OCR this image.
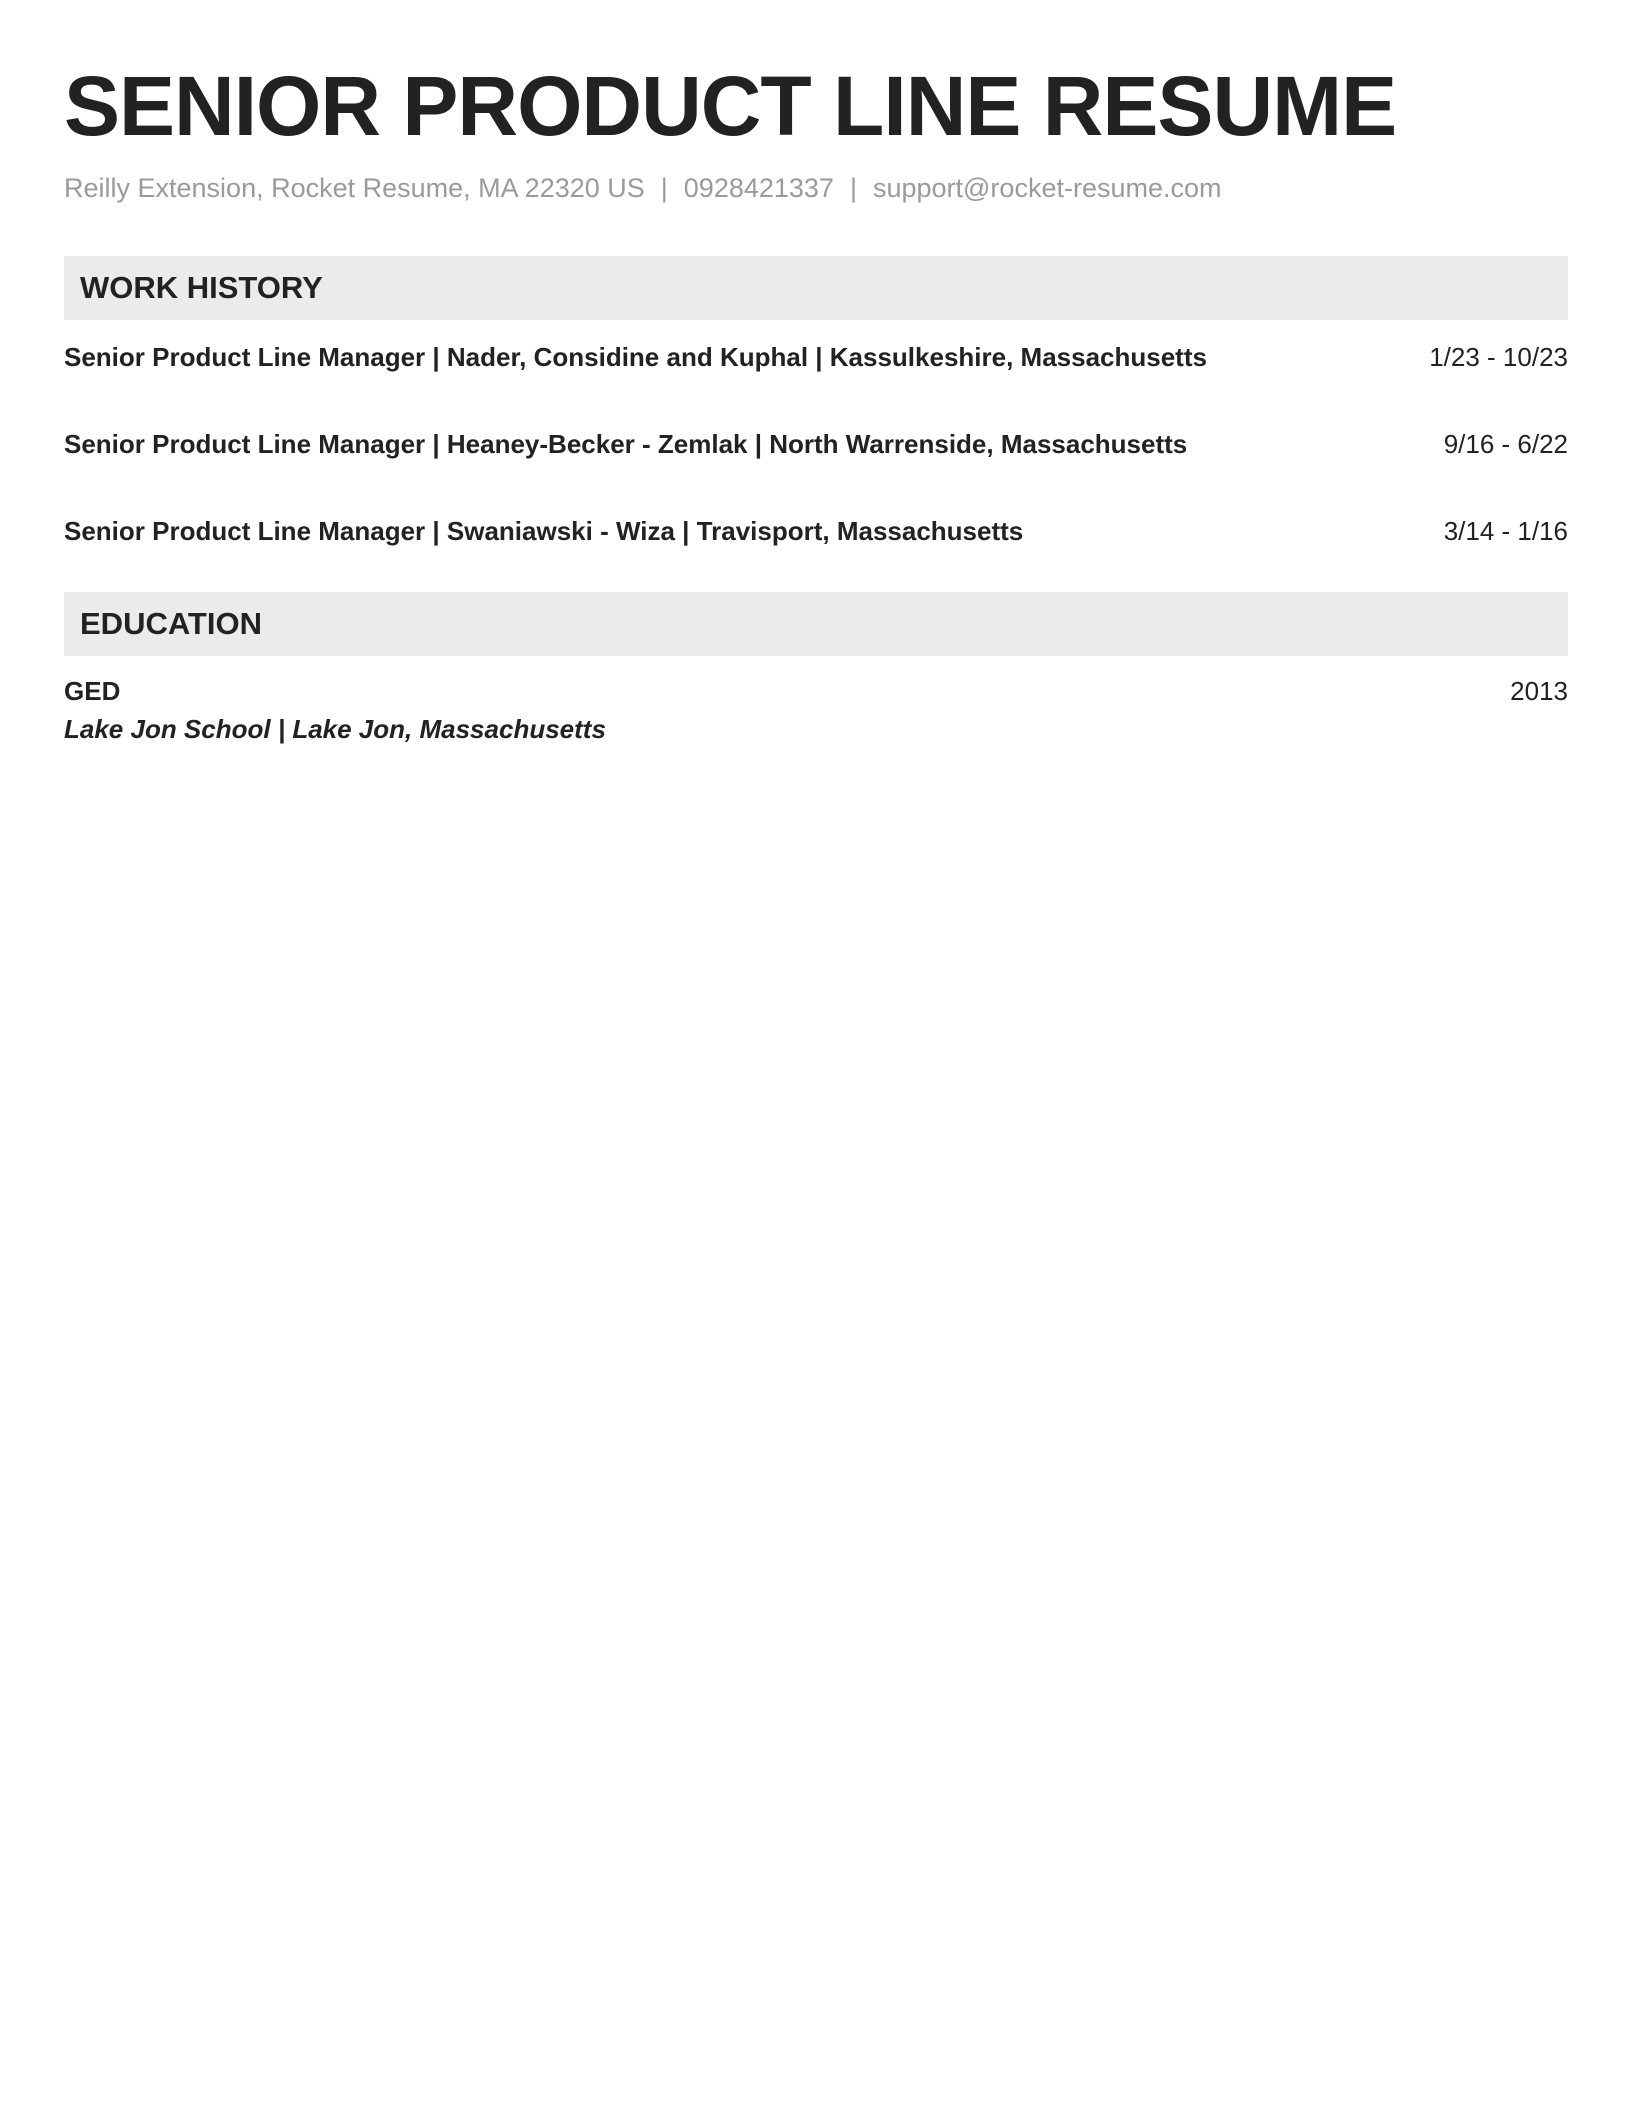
SENIOR PRODUCT LINE RESUME
Reilly Extension, Rocket Resume, MA 22320 US | 0928421337 | support@rocket-resume.com
WORK HISTORY
Senior Product Line Manager | Nader, Considine and Kuphal | Kassulkeshire, Massachusetts	1/23 - 10/23
Senior Product Line Manager | Heaney-Becker - Zemlak | North Warrenside, Massachusetts	9/16 - 6/22
Senior Product Line Manager | Swaniawski - Wiza | Travisport, Massachusetts	3/14 - 1/16
EDUCATION
GED	2013
Lake Jon School | Lake Jon, Massachusetts
